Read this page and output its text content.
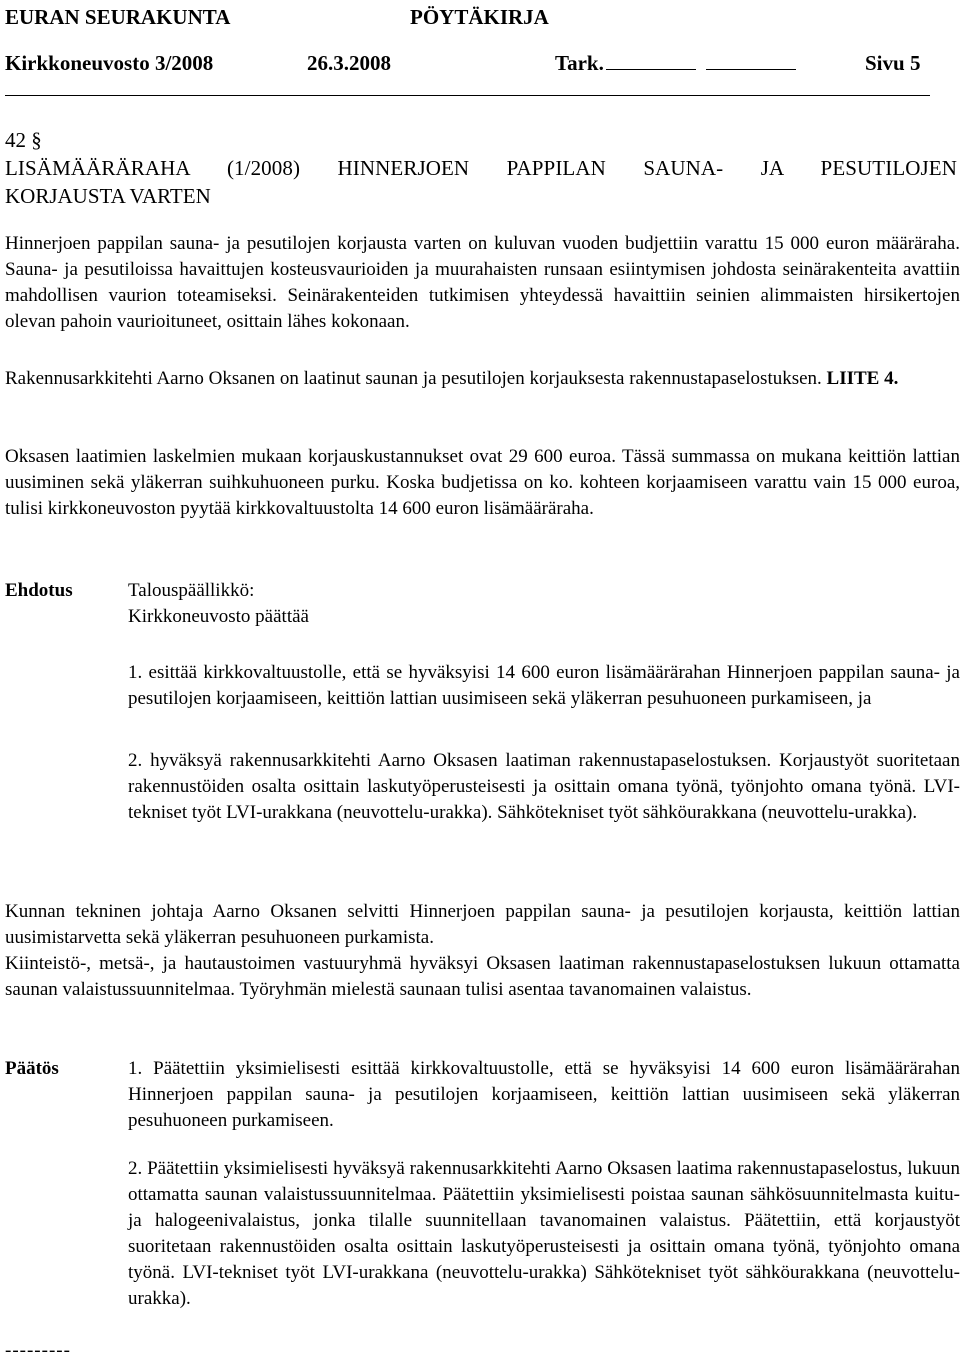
EURAN SEURAKUNTA	PÖYTÄKIRJA
Kirkkoneuvosto 3/2008	26.3.2008	Tark.	Sivu 5
42 §
LISÄMÄÄRÄRAHA (1/2008) HINNERJOEN PAPPILAN SAUNA- JA PESUTILOJEN
KORJAUSTA VARTEN

Hinnerjoen pappilan sauna- ja pesutilojen korjausta varten on kuluvan vuoden budjettiin varattu 15 000 euron määräraha. Sauna- ja pesutiloissa havaittujen kosteusvaurioiden ja muurahaisten runsaan esiintymisen johdosta seinärakenteita avattiin mahdollisen vaurion toteamiseksi. Seinärakenteiden tutkimisen yhteydessä havaittiin seinien alimmaisten hirsikertojen olevan pahoin vaurioituneet, osittain lähes kokonaan.

Rakennusarkkitehti Aarno Oksanen on laatinut saunan ja pesutilojen korjauksesta rakennustapaselostuksen. LIITE 4.

Oksasen laatimien laskelmien mukaan korjauskustannukset ovat 29 600 euroa. Tässä summassa on mukana keittiön lattian uusiminen sekä yläkerran suihkuhuoneen purku. Koska budjetissa on ko. kohteen korjaamiseen varattu vain 15 000 euroa, tulisi kirkkoneuvoston pyytää kirkkovaltuustolta 14 600 euron lisämääräraha.

Ehdotus	Talouspäällikkö:
Kirkkoneuvosto päättää

1. esittää kirkkovaltuustolle, että se hyväksyisi 14 600 euron lisämäärärahan Hinnerjoen pappilan sauna- ja pesutilojen korjaamiseen, keittiön lattian uusimiseen sekä yläkerran pesuhuoneen purkamiseen, ja

2. hyväksyä rakennusarkkitehti Aarno Oksasen laatiman rakennustapaselostuksen. Korjaustyöt suoritetaan rakennustöiden osalta osittain laskutyöperusteisesti ja osittain omana työnä, työnjohto omana työnä. LVI-tekniset työt LVI-urakkana (neuvottelu-urakka). Sähkötekniset työt sähköurakkana (neuvottelu-urakka).

Kunnan tekninen johtaja Aarno Oksanen selvitti Hinnerjoen pappilan sauna- ja pesutilojen korjausta, keittiön lattian uusimistarvetta sekä yläkerran pesuhuoneen purkamista.

Kiinteistö-, metsä-, ja hautaustoimen vastuuryhmä hyväksyi Oksasen laatiman rakennustapaselostuksen lukuun ottamatta saunan valaistussuunnitelmaa. Työryhmän mielestä saunaan tulisi asentaa tavanomainen valaistus.

Päätös	1. Päätettiin yksimielisesti esittää kirkkovaltuustolle, että se hyväksyisi 14 600 euron lisämäärärahan Hinnerjoen pappilan sauna- ja pesutilojen korjaamiseen, keittiön lattian uusimiseen sekä yläkerran pesuhuoneen purkamiseen.

2. Päätettiin yksimielisesti hyväksyä rakennusarkkitehti Aarno Oksasen laatima rakennustapaselostus, lukuun ottamatta saunan valaistussuunnitelmaa. Päätettiin yksimielisesti poistaa saunan sähkösuunnitelmasta kuitu- ja halogeenivalaistus, jonka tilalle suunnitellaan tavanomainen valaistus. Päätettiin, että korjaustyöt suoritetaan rakennustöiden osalta osittain laskutyöperusteisesti ja osittain omana työnä, työnjohto omana työnä. LVI-tekniset työt LVI-urakkana (neuvottelu-urakka) Sähkötekniset työt sähköurakkana (neuvottelu-urakka).

---------
